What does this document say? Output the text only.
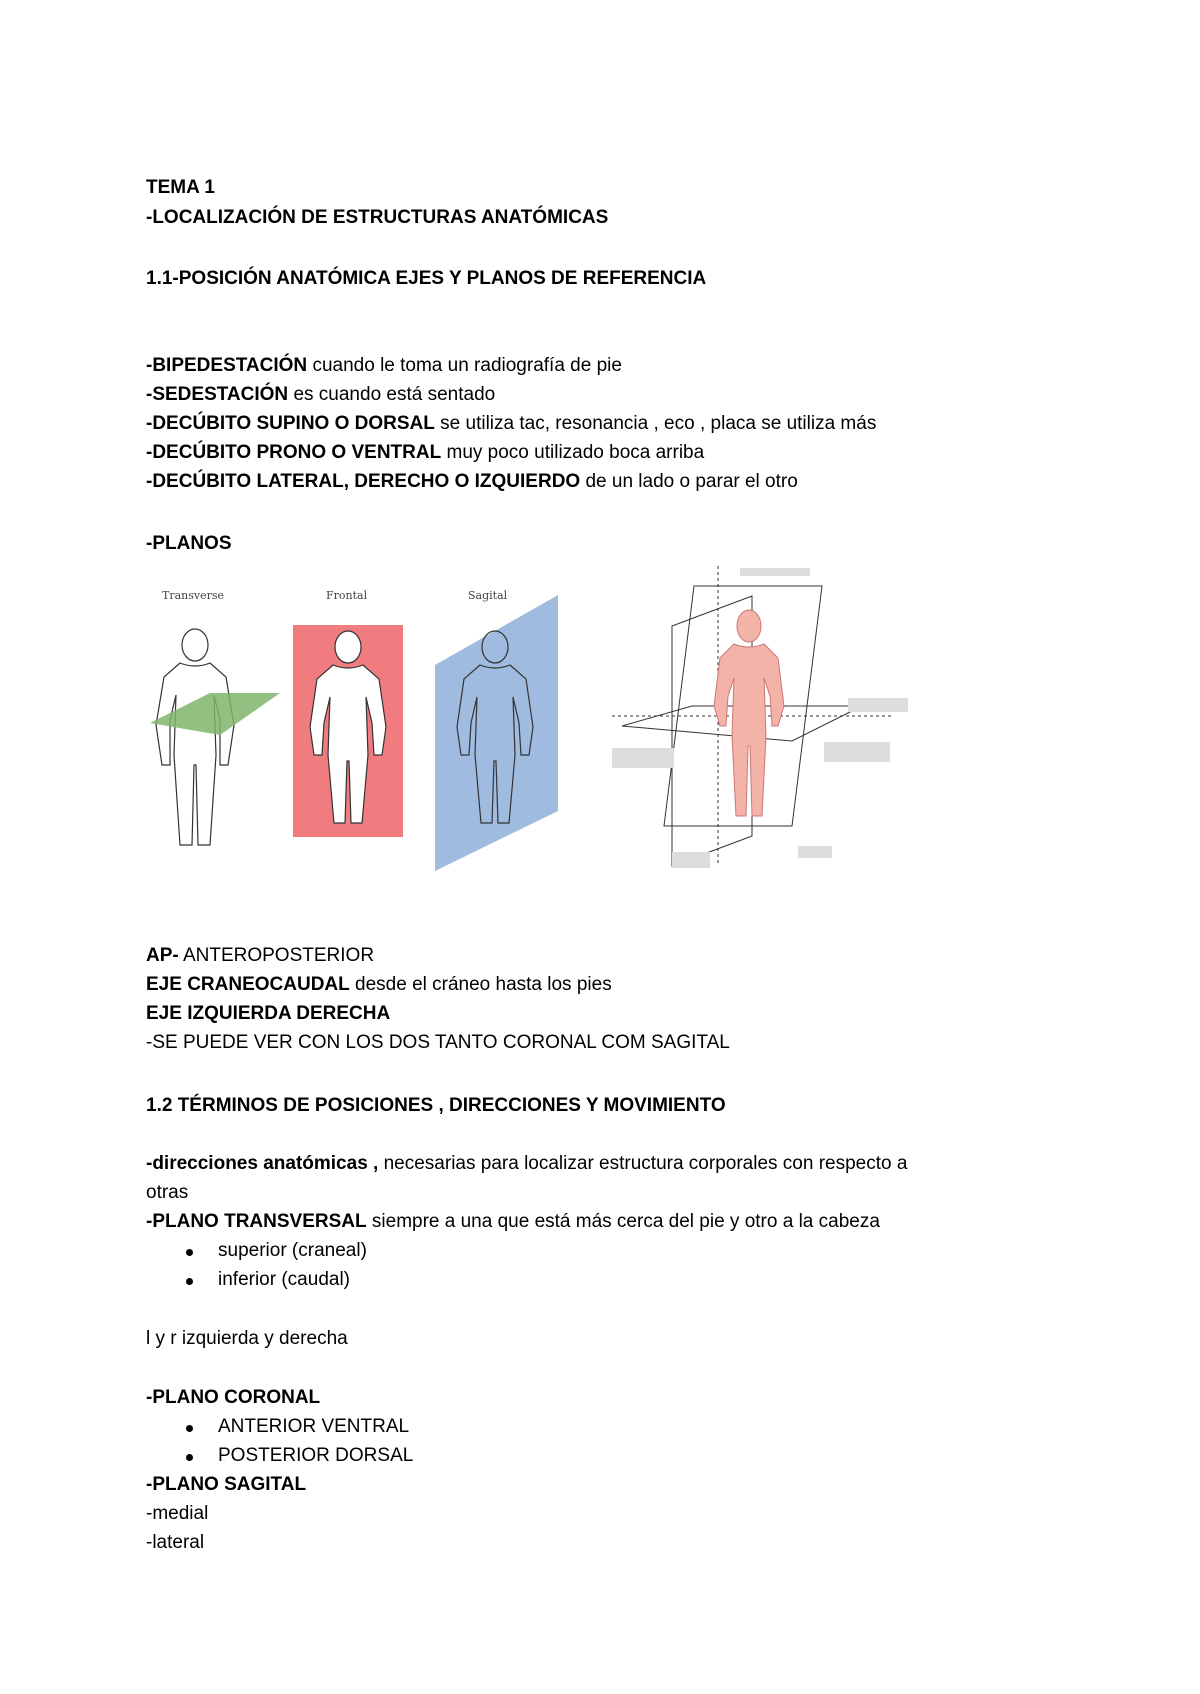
TEMA 1
-LOCALIZACIÓN DE ESTRUCTURAS ANATÓMICAS
1.1-POSICIÓN ANATÓMICA EJES Y PLANOS DE REFERENCIA
-BIPEDESTACIÓN cuando le toma un radiografía de pie
-SEDESTACIÓN es cuando está sentado
-DECÚBITO SUPINO O DORSAL se utiliza tac, resonancia , eco , placa se utiliza más
-DECÚBITO PRONO O VENTRAL muy poco utilizado boca arriba
-DECÚBITO LATERAL, DERECHO O IZQUIERDO de un lado o parar el otro
-PLANOS
Transverse	Frontal	Sagital
AP- ANTEROPOSTERIOR
EJE CRANEOCAUDAL desde el cráneo hasta los pies
EJE IZQUIERDA DERECHA
-SE PUEDE VER CON LOS DOS TANTO CORONAL COM SAGITAL
1.2 TÉRMINOS DE POSICIONES , DIRECCIONES Y MOVIMIENTO
-direcciones anatómicas , necesarias para localizar estructura corporales con respecto a
otras
-PLANO TRANSVERSAL siempre a una que está más cerca del pie y otro a la cabeza
superior (craneal)
inferior (caudal)
l y r izquierda y derecha
-PLANO CORONAL
ANTERIOR VENTRAL
POSTERIOR DORSAL
-PLANO SAGITAL
-medial
-lateral
